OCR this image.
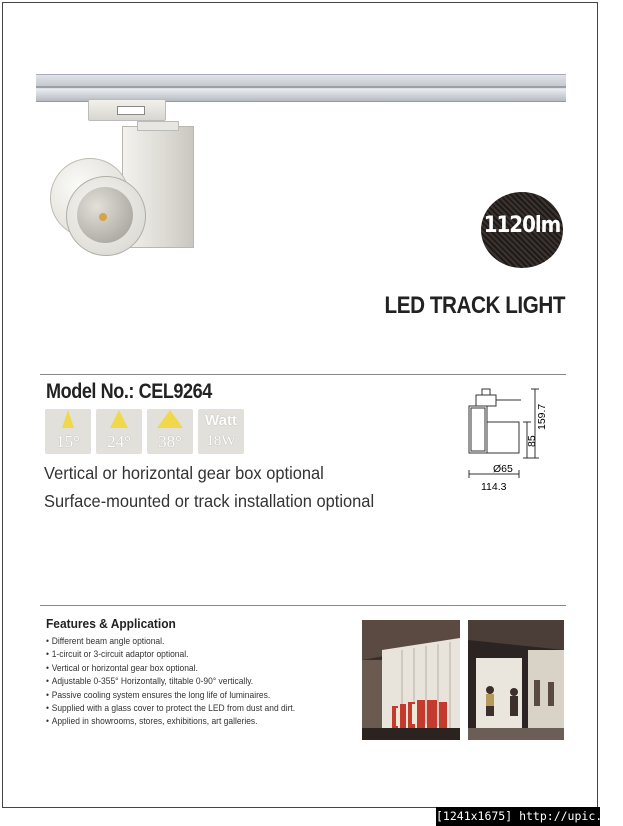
1120lm
LED TRACK LIGHT
Model No.: CEL9264
15°	24°	38°
Watt
18W
159.7
85
Ø65
114.3
Vertical or horizontal gear box optional
Surface-mounted or track installation optional
Features & Application
• Different beam angle optional.
• 1-circuit or 3-circuit adaptor optional.
• Vertical or horizontal gear box optional.
• Adjustable 0-355° Horizontally, tiltable 0-90° vertically.
• Passive cooling system ensures the long life of luminaires.
• Supplied with a glass cover to protect the LED from dust and dirt.
• Applied in showrooms, stores, exhibitions, art galleries.
[1241x1675] http://upic.me/
